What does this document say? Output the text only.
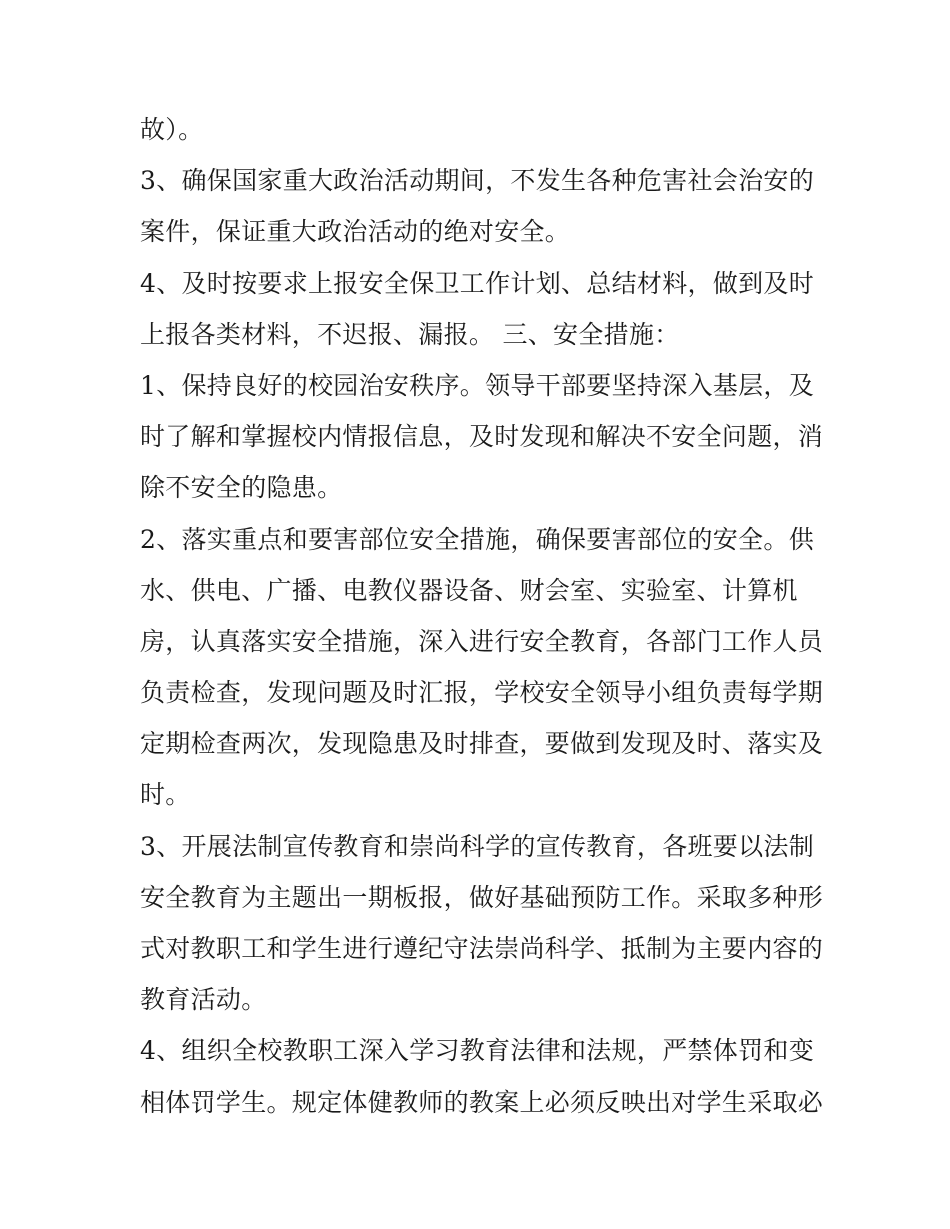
故）。
3、确保国家重大政治活动期间，不发生各种危害社会治安的
案件，保证重大政治活动的绝对安全。
4、及时按要求上报安全保卫工作计划、总结材料，做到及时
上报各类材料，不迟报、漏报。 三、安全措施：
1、保持良好的校园治安秩序。领导干部要坚持深入基层，及
时了解和掌握校内情报信息，及时发现和解决不安全问题，消
除不安全的隐患。
2、落实重点和要害部位安全措施，确保要害部位的安全。供
水、供电、广播、电教仪器设备、财会室、实验室、计算机
房，认真落实安全措施，深入进行安全教育，各部门工作人员
负责检查，发现问题及时汇报，学校安全领导小组负责每学期
定期检查两次，发现隐患及时排查，要做到发现及时、落实及
时。
3、开展法制宣传教育和崇尚科学的宣传教育，各班要以法制
安全教育为主题出一期板报，做好基础预防工作。采取多种形
式对教职工和学生进行遵纪守法崇尚科学、抵制为主要内容的
教育活动。
4、组织全校教职工深入学习教育法律和法规，严禁体罚和变
相体罚学生。规定体健教师的教案上必须反映出对学生采取必
